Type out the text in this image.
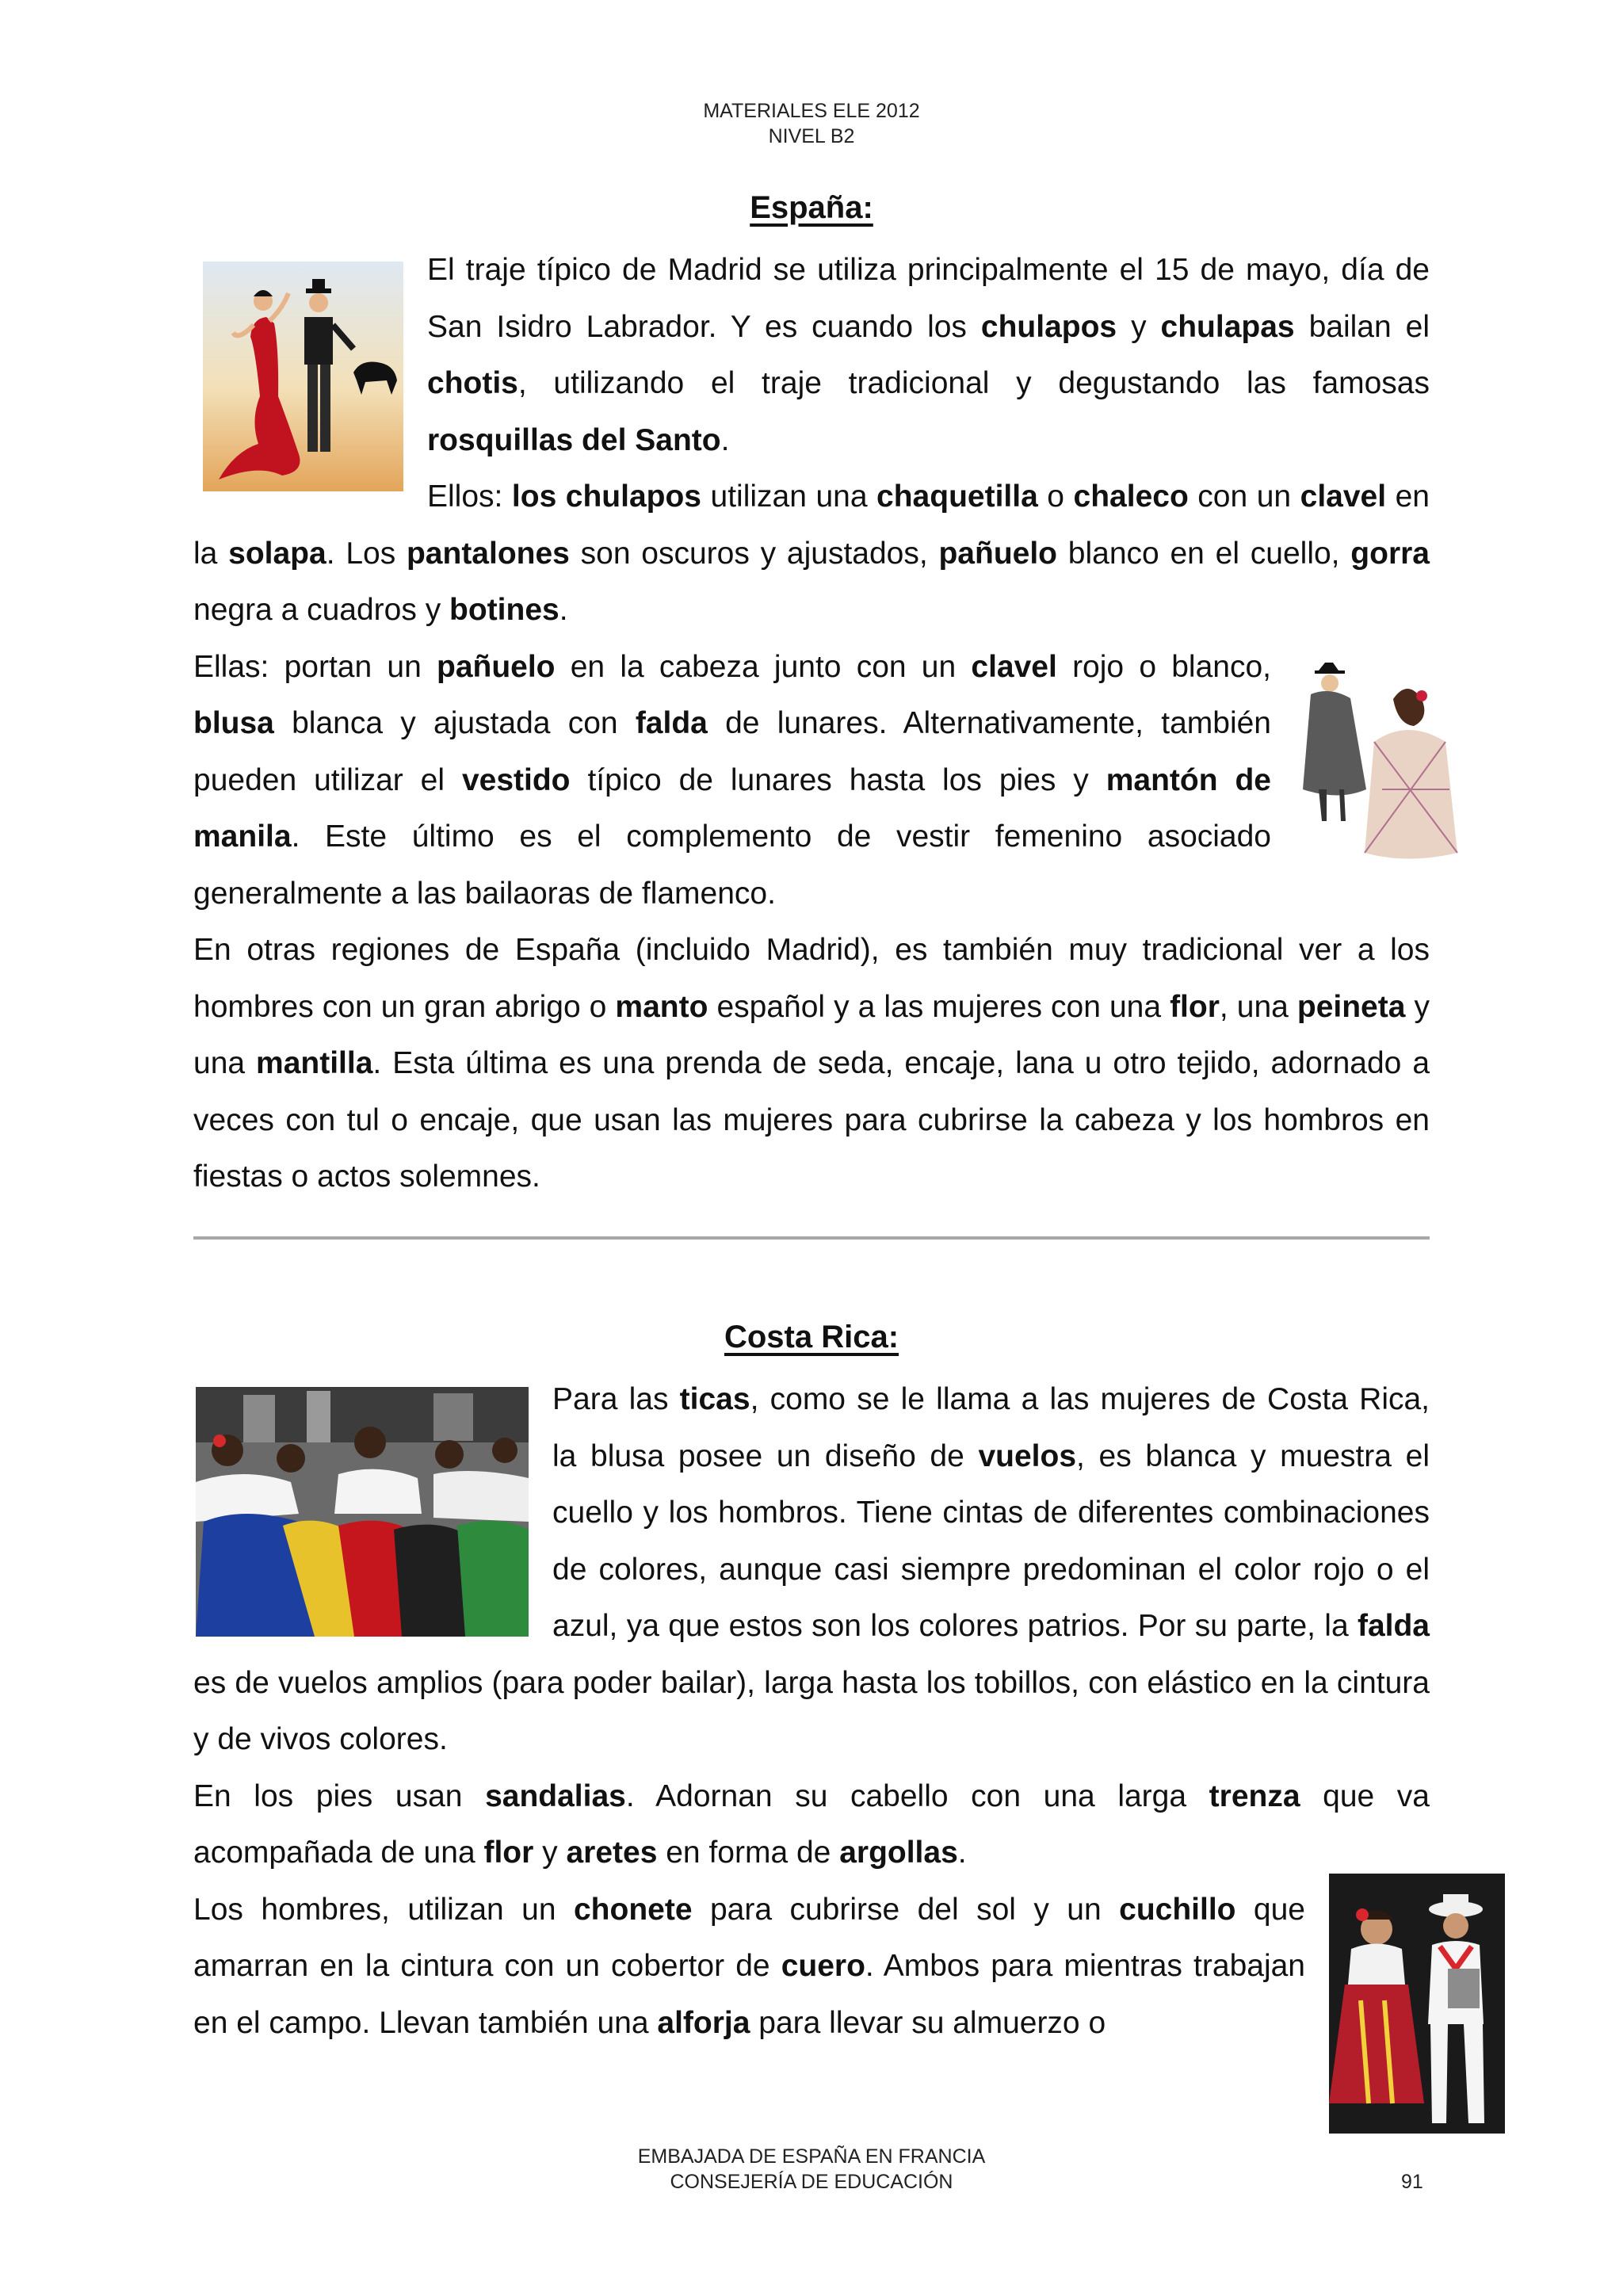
MATERIALES ELE 2012
NIVEL B2
España:

El traje típico de Madrid se utiliza principalmente el 15 de mayo, día de San Isidro Labrador. Y es cuando los chulapos y chulapas bailan el chotis, utilizando el traje tradicional y degustando las famosas rosquillas del Santo.

Ellos: los chulapos utilizan una chaquetilla o chaleco con un clavel en la solapa. Los pantalones son oscuros y ajustados, pañuelo blanco en el cuello, gorra negra a cuadros y botines.

Ellas: portan un pañuelo en la cabeza junto con un clavel rojo o blanco, blusa blanca y ajustada con falda de lunares. Alternativamente, también pueden utilizar el vestido típico de lunares hasta los pies y mantón de manila. Este último es el complemento de vestir femenino asociado generalmente a las bailaoras de flamenco.

En otras regiones de España (incluido Madrid), es también muy tradicional ver a los hombres con un gran abrigo o manto español y a las mujeres con una flor, una peineta y una mantilla. Esta última es una prenda de seda, encaje, lana u otro tejido, adornado a veces con tul o encaje, que usan las mujeres para cubrirse la cabeza y los hombros en fiestas o actos solemnes.

Costa Rica:

Para las ticas, como se le llama a las mujeres de Costa Rica, la blusa posee un diseño de vuelos, es blanca y muestra el cuello y los hombros. Tiene cintas de diferentes combinaciones de colores, aunque casi siempre predominan el color rojo o el azul, ya que estos son los colores patrios. Por su parte, la falda es de vuelos amplios (para poder bailar), larga hasta los tobillos, con elástico en la cintura y de vivos colores.

En los pies usan sandalias. Adornan su cabello con una larga trenza que va acompañada de una flor y aretes en forma de argollas.

Los hombres, utilizan un chonete para cubrirse del sol y un cuchillo que amarran en la cintura con un cobertor de cuero. Ambos para mientras trabajan en el campo. Llevan también una alforja para llevar su almuerzo o

EMBAJADA DE ESPAÑA EN FRANCIA
CONSEJERÍA DE EDUCACIÓN	91
